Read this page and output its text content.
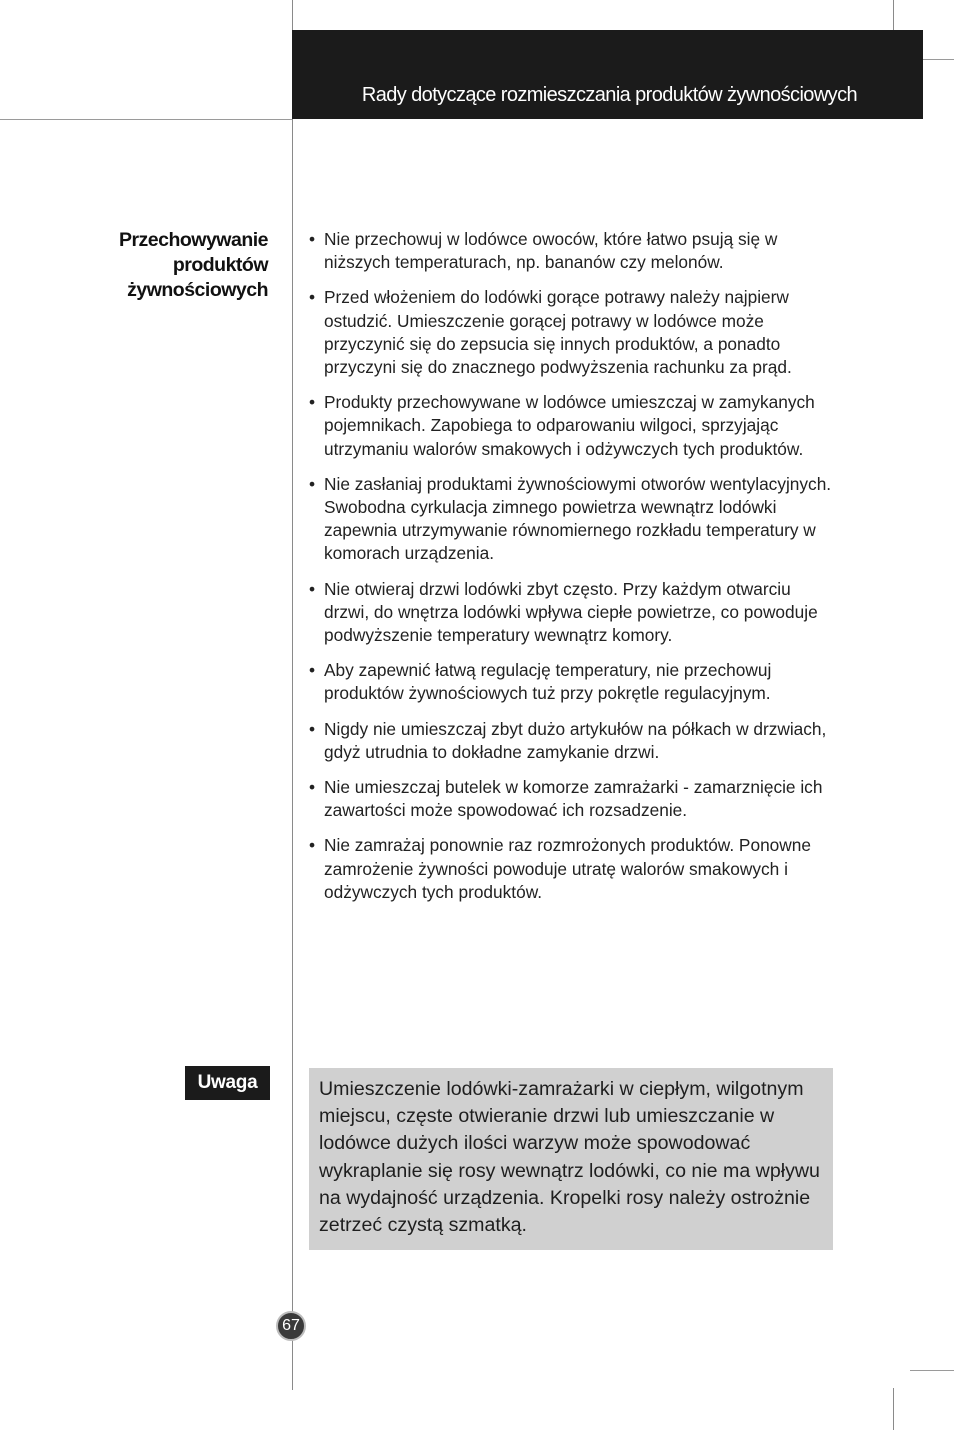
Rady dotyczące rozmieszczania produktów żywnościowych
Przechowywanie
produktów
żywnościowych
• Nie przechowuj w lodówce owoców, które łatwo psują się w niższych temperaturach, np. bananów czy melonów.
• Przed włożeniem do lodówki gorące potrawy należy najpierw ostudzić. Umieszczenie gorącej potrawy w lodówce może przyczynić się do zepsucia się innych produktów, a ponadto przyczyni się do znacznego podwyższenia rachunku za prąd.
• Produkty przechowywane w lodówce umieszczaj w zamykanych pojemnikach. Zapobiega to odparowaniu wilgoci, sprzyjając utrzymaniu walorów smakowych i odżywczych tych produktów.
• Nie zasłaniaj produktami żywnościowymi otworów wentylacyjnych. Swobodna cyrkulacja zimnego powietrza wewnątrz lodówki zapewnia utrzymywanie równomiernego rozkładu temperatury w komorach urządzenia.
• Nie otwieraj drzwi lodówki zbyt często. Przy każdym otwarciu drzwi, do wnętrza lodówki wpływa ciepłe powietrze, co powoduje podwyższenie temperatury wewnątrz komory.
• Aby zapewnić łatwą regulację temperatury, nie przechowuj produktów żywnościowych tuż przy pokrętle regulacyjnym.
• Nigdy nie umieszczaj zbyt dużo artykułów na półkach w drzwiach, gdyż utrudnia to dokładne zamykanie drzwi.
• Nie umieszczaj butelek w komorze zamrażarki - zamarznięcie ich zawartości może spowodować ich rozsadzenie.
• Nie zamrażaj ponownie raz rozmrożonych produktów. Ponowne zamrożenie żywności powoduje utratę walorów smakowych i odżywczych tych produktów.
Uwaga	Umieszczenie lodówki-zamrażarki w ciepłym, wilgotnym miejscu, częste otwieranie drzwi lub umieszczanie w lodówce dużych ilości warzyw może spowodować wykraplanie się rosy wewnątrz lodówki, co nie ma wpływu na wydajność urządzenia. Kropelki rosy należy ostrożnie zetrzeć czystą szmatką.
67
